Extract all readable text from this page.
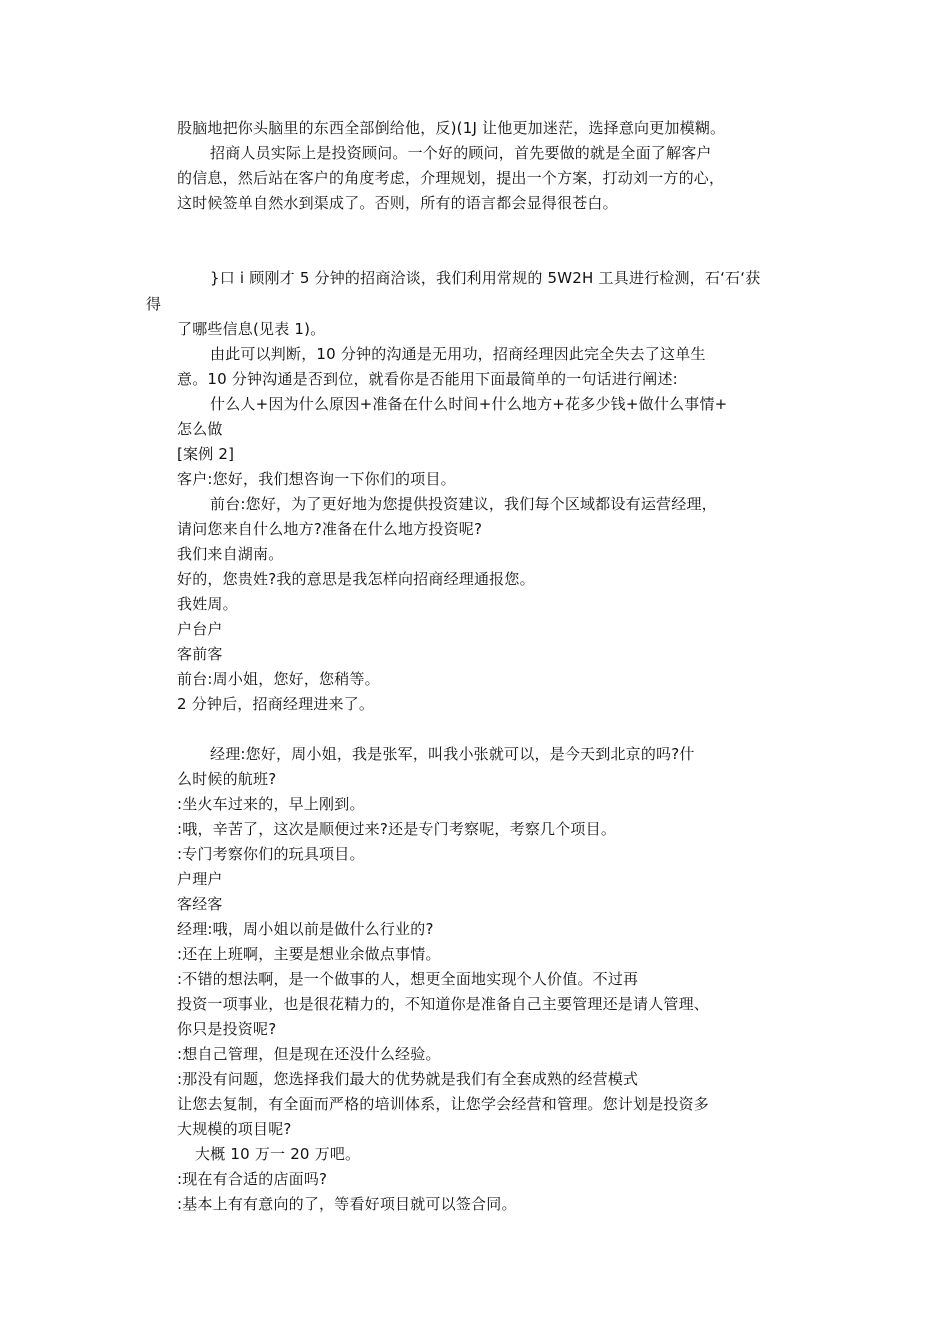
股脑地把你头脑里的东西全部倒给他，反)(1J 让他更加迷茫，选择意向更加模糊。

招商人员实际上是投资顾问。一个好的顾问，首先要做的就是全面了解客户

的信息，然后站在客户的角度考虑，介理规划，提出一个方案，打动刘一方的心，

这时候签单自然水到渠成了。否则，所有的语言都会显得很苍白。

}口 i 顾刚才 5 分钟的招商洽谈，我们利用常规的 5W2H 工具进行检测，石‘石‘获

得

了哪些信息(见表 1)。

由此可以判断，10 分钟的沟通是无用功，招商经理因此完全失去了这单生

意。10 分钟沟通是否到位，就看你是否能用下面最简单的一句话进行阐述:

什么人+因为什么原因+准备在什么时间+什么地方+花多少钱+做什么事情+

怎么做

[案例 2]

客户:您好，我们想咨询一下你们的项目。

前台:您好，为了更好地为您提供投资建议，我们每个区域都设有运营经理，

请问您来自什么地方?准备在什么地方投资呢?

我们来自湖南。

好的，您贵姓?我的意思是我怎样向招商经理通报您。

我姓周。

户台户

客前客

前台:周小姐，您好，您稍等。

2 分钟后，招商经理进来了。

经理:您好，周小姐，我是张军，叫我小张就可以，是今天到北京的吗?什

么时候的航班?

:坐火车过来的，早上刚到。

:哦，辛苦了，这次是顺便过来?还是专门考察呢，考察几个项目。

:专门考察你们的玩具项目。

户理户

客经客

经理:哦，周小姐以前是做什么行业的?

:还在上班啊，主要是想业余做点事情。

:不错的想法啊，是一个做事的人，想更全面地实现个人价值。不过再

投资一项事业，也是很花精力的，不知道你是准备自己主要管理还是请人管理、

你只是投资呢?

:想自己管理，但是现在还没什么经验。

:那没有问题，您选择我们最大的优势就是我们有全套成熟的经营模式

让您去复制，有全面而严格的培训体系，让您学会经营和管理。您计划是投资多

大规模的项目呢?

大概 10 万一 20 万吧。

:现在有合适的店面吗?

:基本上有有意向的了，等看好项目就可以签合同。
